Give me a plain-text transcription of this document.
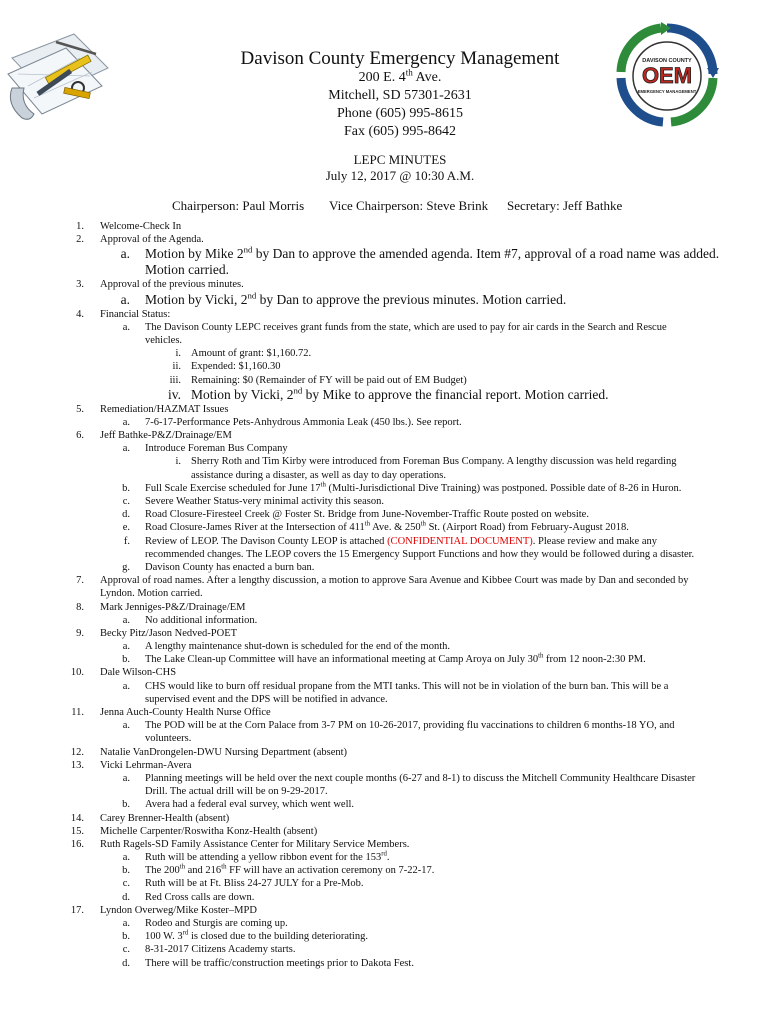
DAVISON COUNTY
OEM
EMERGENCY MANAGEMENT
Davison County Emergency Management
200 E. 4th Ave.
Mitchell, SD 57301-2631
Phone (605) 995-8615
Fax (605) 995-8642
LEPC MINUTES
July 12, 2017 @ 10:30 A.M.
Chairperson: Paul Morris Vice Chairperson: Steve Brink Secretary: Jeff Bathke
1. Welcome-Check In
2. Approval of the Agenda.
a. Motion by Mike 2nd by Dan to approve the amended agenda. Item #7, approval of a road name was added.
Motion carried.
3. Approval of the previous minutes.
a. Motion by Vicki, 2nd by Dan to approve the previous minutes. Motion carried.
4. Financial Status:
a. The Davison County LEPC receives grant funds from the state, which are used to pay for air cards in the Search and Rescue
vehicles.
i. Amount of grant: $1,160.72.
ii. Expended: $1,160.30
iii. Remaining: $0 (Remainder of FY will be paid out of EM Budget)
iv. Motion by Vicki, 2nd by Mike to approve the financial report. Motion carried.
5. Remediation/HAZMAT Issues
a. 7-6-17-Performance Pets-Anhydrous Ammonia Leak (450 lbs.). See report.
6. Jeff Bathke-P&Z/Drainage/EM
a. Introduce Foreman Bus Company
i. Sherry Roth and Tim Kirby were introduced from Foreman Bus Company. A lengthy discussion was held regarding
assistance during a disaster, as well as day to day operations.
b. Full Scale Exercise scheduled for June 17th (Multi-Jurisdictional Dive Training) was postponed. Possible date of 8-26 in Huron.
c. Severe Weather Status-very minimal activity this season.
d. Road Closure-Firesteel Creek @ Foster St. Bridge from June-November-Traffic Route posted on website.
e. Road Closure-James River at the Intersection of 411th Ave. & 250th St. (Airport Road) from February-August 2018.
f. Review of LEOP. The Davison County LEOP is attached (CONFIDENTIAL DOCUMENT). Please review and make any
recommended changes. The LEOP covers the 15 Emergency Support Functions and how they would be followed during a disaster.
g. Davison County has enacted a burn ban.
7. Approval of road names. After a lengthy discussion, a motion to approve Sara Avenue and Kibbee Court was made by Dan and seconded by
Lyndon. Motion carried.
8. Mark Jenniges-P&Z/Drainage/EM
a. No additional information.
9. Becky Pitz/Jason Nedved-POET
a. A lengthy maintenance shut-down is scheduled for the end of the month.
b. The Lake Clean-up Committee will have an informational meeting at Camp Aroya on July 30th from 12 noon-2:30 PM.
10. Dale Wilson-CHS
a. CHS would like to burn off residual propane from the MTI tanks. This will not be in violation of the burn ban. This will be a
supervised event and the DPS will be notified in advance.
11. Jenna Auch-County Health Nurse Office
a. The POD will be at the Corn Palace from 3-7 PM on 10-26-2017, providing flu vaccinations to children 6 months-18 YO, and
volunteers.
12. Natalie VanDrongelen-DWU Nursing Department (absent)
13. Vicki Lehrman-Avera
a. Planning meetings will be held over the next couple months (6-27 and 8-1) to discuss the Mitchell Community Healthcare Disaster
Drill. The actual drill will be on 9-29-2017.
b. Avera had a federal eval survey, which went well.
14. Carey Brenner-Health (absent)
15. Michelle Carpenter/Roswitha Konz-Health (absent)
16. Ruth Ragels-SD Family Assistance Center for Military Service Members.
a. Ruth will be attending a yellow ribbon event for the 153rd.
b. The 200th and 216th FF will have an activation ceremony on 7-22-17.
c. Ruth will be at Ft. Bliss 24-27 JULY for a Pre-Mob.
d. Red Cross calls are down.
17. Lyndon Overweg/Mike Koster–MPD
a. Rodeo and Sturgis are coming up.
b. 100 W. 3rd is closed due to the building deteriorating.
c. 8-31-2017 Citizens Academy starts.
d. There will be traffic/construction meetings prior to Dakota Fest.
